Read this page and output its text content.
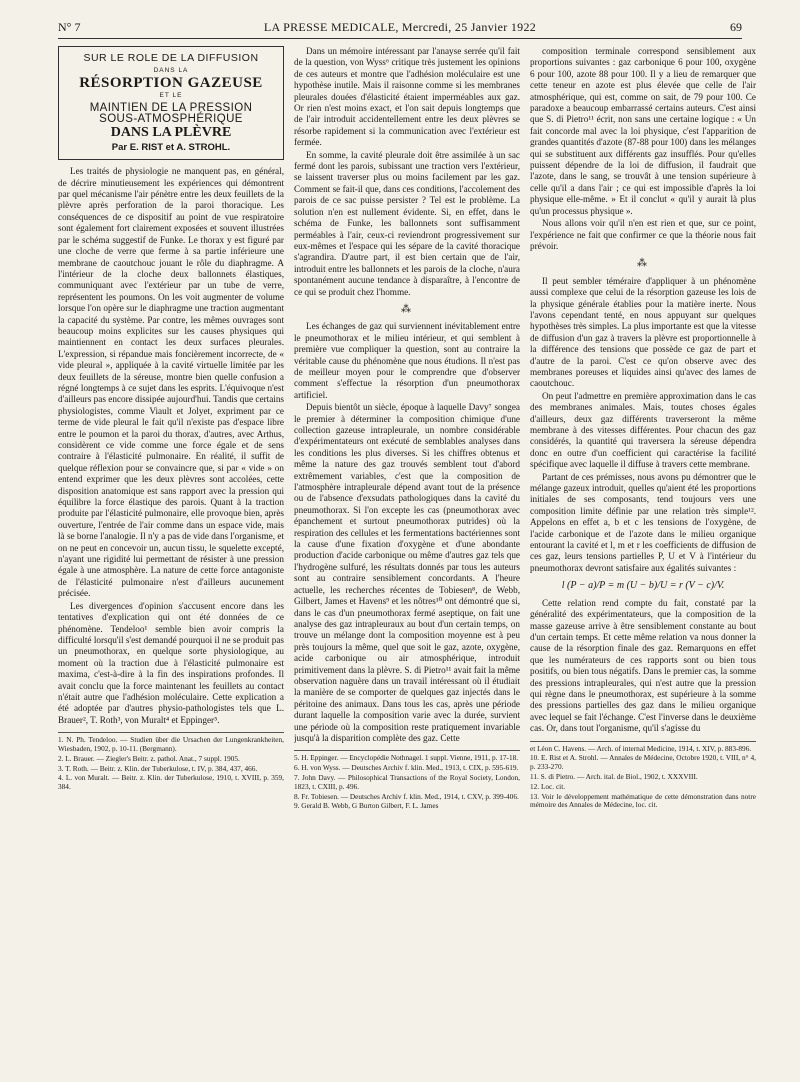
N° 7	LA PRESSE MEDICALE, Mercredi, 25 Janvier 1922	69
SUR LE ROLE DE LA DIFFUSION
DANS LA
RÉSORPTION GAZEUSE
ET LE
MAINTIEN DE LA PRESSION
SOUS-ATMOSPHÉRIQUE
DANS LA PLÈVRE
Par E. RIST et A. STROHL.

Les traités de physiologie ne manquent pas, en général, de décrire minutieusement les expériences qui démontrent par quel mécanisme l'air pénètre entre les deux feuillets de la plèvre après perforation de la paroi thoracique. Les conséquences de ce dispositif au point de vue respiratoire sont également fort clairement exposées et souvent illustrées par le schéma suggestif de Funke. Le thorax y est figuré par une cloche de verre que ferme à sa partie inférieure une membrane de caoutchouc jouant le rôle du diaphragme. A l'intérieur de la cloche deux ballonnets élastiques, communiquant avec l'extérieur par un tube de verre, représentent les poumons. On les voit augmenter de volume lorsque l'on opère sur le diaphragme une traction augmentant la capacité du système. Par contre, les mêmes ouvrages sont beaucoup moins explicites sur les causes physiques qui maintiennent en contact les deux surfaces pleurales. L'expression, si répandue mais foncièrement incorrecte, de « vide pleural », appliquée à la cavité virtuelle limitée par les deux feuillets de la séreuse, montre bien quelle confusion a régné longtemps à ce sujet dans les esprits. L'équivoque n'est d'ailleurs pas encore dissipée aujourd'hui. Tandis que certains physiologistes, comme Viault et Jolyet, expriment par ce terme de vide pleural le fait qu'il n'existe pas d'espace libre entre le poumon et la paroi du thorax, d'autres, avec Arthus, considèrent ce vide comme une force égale et de sens contraire à l'élasticité pulmonaire. En réalité, il suffit de quelque réflexion pour se convaincre que, si par « vide » on entend exprimer que les deux plèvres sont accolées, cette disposition anatomique est sans rapport avec la pression qui équilibre la force élastique des parois. Quant à la traction produite par l'élasticité pulmonaire, elle provoque bien, après ouverture, l'entrée de l'air comme dans un espace vide, mais là se borne l'analogie. Il n'y a pas de vide dans l'organisme, et on ne peut en concevoir un, aucun tissu, le squelette excepté, n'ayant une rigidité lui permettant de résister à une pression égale à une atmosphère. La nature de cette force antagoniste de l'élasticité pulmonaire n'est d'ailleurs aucunement précisée.

Les divergences d'opinion s'accusent encore dans les tentatives d'explication qui ont été données de ce phénomène. Tendeloo¹ semble bien avoir compris la difficulté lorsqu'il s'est demandé pourquoi il ne se produit pas un pneumothorax, en quelque sorte physiologique, au moment où la traction due à l'élasticité pulmonaire est maxima, c'est-à-dire à la fin des inspirations profondes. Il avait conclu que la force maintenant les feuillets au contact n'était autre que l'adhésion moléculaire. Cette explication a été adoptée par d'autres physio-pathologistes tels que L. Brauer², T. Roth³, von Muralt⁴ et Eppinger⁵.

1. N. Ph. Tendeloo. — Studien über die Ursachen der Lungenkrankheiten, Wiesbaden, 1902, p. 10-11. (Bergmann).
2. L. Brauer. — Ziegler's Beitr. z. pathol. Anat., 7 suppl. 1905.
3. T. Roth. — Beitr. z. Klin. der Tuberkulose, t. IV, p. 384, 437, 466.
4. L. von Muralt. — Beitr. z. Klin. der Tuberkulose, 1910, t. XVIII, p. 359, 384.

Dans un mémoire intéressant par l'anayse serrée qu'il fait de la question, von Wyss⁶ critique très justement les opinions de ces auteurs et montre que l'adhésion moléculaire est une hypothèse inutile. Mais il raisonne comme si les membranes pleurales douées d'élasticité étaient imperméables aux gaz. Or rien n'est moins exact, et l'on sait depuis longtemps que de l'air introduit accidentellement entre les deux plèvres se résorbe rapidement si la communication avec l'extérieur est fermée.

En somme, la cavité pleurale doit être assimilée à un sac fermé dont les parois, subissant une traction vers l'extérieur, se laissent traverser plus ou moins facilement par les gaz. Comment se fait-il que, dans ces conditions, l'accolement des parois de ce sac puisse persister ? Tel est le problème. La solution n'en est nullement évidente. Si, en effet, dans le schéma de Funke, les ballonnets sont suffisamment perméables à l'air, ceux-ci reviendront progressivement sur eux-mêmes et l'espace qui les sépare de la cavité thoracique s'agrandira. D'autre part, il est bien certain que de l'air, introduit entre les ballonnets et les parois de la cloche, n'aura spontanément aucune tendance à disparaître, à l'encontre de ce qui se produit chez l'homme.

⁂

Les échanges de gaz qui surviennent inévitablement entre le pneumothorax et le milieu intérieur, et qui semblent à première vue compliquer la question, sont au contraire la véritable cause du phénomène que nous étudions. Il n'est pas de meilleur moyen pour le comprendre que d'observer comment s'effectue la résorption d'un pneumothorax artificiel.

Depuis bientôt un siècle, époque à laquelle Davy⁷ songea le premier à déterminer la composition chimique d'une collection gazeuse intrapleurale, un nombre considérable d'expérimentateurs ont exécuté de semblables analyses dans les conditions les plus diverses. Si les chiffres obtenus et même la nature des gaz trouvés semblent tout d'abord extrêmement variables, c'est que la composition de l'atmosphère intrapleurale dépend avant tout de la présence ou de l'absence d'exsudats pathologiques dans la cavité du pneumothorax. Si l'on excepte les cas (pneumothorax avec épanchement et surtout pneumothorax putrides) où la respiration des cellules et les fermentations bactériennes sont la cause d'une fixation d'oxygène et d'une abondante production d'acide carbonique ou même d'autres gaz tels que l'hydrogène sulfuré, les résultats donnés par tous les auteurs sont au contraire sensiblement concordants. A l'heure actuelle, les recherches récentes de Tobiesen⁸, de Webb, Gilbert, James et Havens⁹ et les nôtres¹⁰ ont démontré que si, dans le cas d'un pneumothorax fermé aseptique, on fait une analyse des gaz intrapleuraux au bout d'un certain temps, on trouve un mélange dont la composition moyenne est à peu près toujours la même, quel que soit le gaz, azote, oxygène, acide carbonique ou air atmosphérique, introduit primitivement dans la plèvre. S. di Pietro¹¹ avait fait la même observation naguère dans un travail intéressant où il étudiait la manière de se comporter de quelques gaz injectés dans le péritoine des animaux. Dans tous les cas, après une période durant laquelle la composition varie avec la durée, survient une période où la composition reste pratiquement invariable jusqu'à la disparition complète des gaz. Cette

5. H. Eppinger. — Encyclopédie Nothnagel. 1 suppl. Vienne, 1911, p. 17-18.
6. H. von Wyss. — Deutsches Archiv f. klin. Med., 1913, t. CIX, p. 595-619.
7. John Davy. — Philosophical Transactions of the Royal Society, London, 1823, t. CXIII, p. 496.
8. Fr. Tobiesen. — Deutsches Archiv f. klin. Med., 1914, t. CXV, p. 399-406.
9. Gerald B. Webb, G Burton Gilbert, F. L. James

composition terminale correspond sensiblement aux proportions suivantes : gaz carbonique 6 pour 100, oxygène 6 pour 100, azote 88 pour 100. Il y a lieu de remarquer que cette teneur en azote est plus élevée que celle de l'air atmosphérique, qui est, comme on sait, de 79 pour 100. Ce paradoxe a beaucoup embarrassé certains auteurs. C'est ainsi que S. di Pietro¹¹ écrit, non sans une certaine logique : « Un fait concorde mal avec la loi physique, c'est l'apparition de grandes quantités d'azote (87-88 pour 100) dans les mélanges qui se substituent aux différents gaz insufflés. Pour qu'elles puissent dépendre de la loi de diffusion, il faudrait que l'azote, dans le sang, se trouvât à une tension supérieure à celle qu'il a dans l'air ; ce qui est impossible d'après la loi physique elle-même. » Et il conclut « qu'il y aurait là plus qu'un processus physique ».

Nous allons voir qu'il n'en est rien et que, sur ce point, l'expérience ne fait que confirmer ce que la théorie nous fait prévoir.

⁂

Il peut sembler téméraire d'appliquer à un phénomène aussi complexe que celui de la résorption gazeuse les lois de la physique générale établies pour la matière inerte. Nous l'avons cependant tenté, en nous appuyant sur quelques hypothèses très simples. La plus importante est que la vitesse de diffusion d'un gaz à travers la plèvre est proportionnelle à la différence des tensions que possède ce gaz de part et d'autre de la paroi. C'est ce qu'on observe avec des membranes poreuses et liquides ainsi qu'avec des lames de caoutchouc.

On peut l'admettre en première approximation dans le cas des membranes animales. Mais, toutes choses égales d'ailleurs, deux gaz différents traverseront la même membrane à des vitesses différentes. Pour chacun des gaz considérés, la quantité qui traversera la séreuse dépendra donc en outre d'un coefficient qui caractérise la facilité spécifique avec laquelle il diffuse à travers cette membrane.

Partant de ces prémisses, nous avons pu démontrer que le mélange gazeux introduit, quelles qu'aient été les proportions initiales de ses composants, tend toujours vers une composition limite définie par une relation très simple¹². Appelons en effet a, b et c les tensions de l'oxygène, de l'acide carbonique et de l'azote dans le milieu organique entourant la cavité et l, m et r les coefficients de diffusion de ces gaz, leurs tensions partielles P, U et V à l'intérieur du pneumothorax devront satisfaire aux égalités suivantes :

l (P − a)/P = m (U − b)/U = r (V − c)/V.

Cette relation rend compte du fait, constaté par la généralité des expérimentateurs, que la composition de la masse gazeuse arrive à être sensiblement constante au bout d'un certain temps. Et cette même relation va nous donner la cause de la résorption finale des gaz. Remarquons en effet que les numérateurs de ces rapports sont ou bien tous positifs, ou bien tous négatifs. Dans le premier cas, la somme des pressions intrapleurales, qui n'est autre que la pression qui règne dans le pneumothorax, est supérieure à la somme des pressions partielles des gaz dans le milieu organique avec lequel se fait l'échange. C'est l'inverse dans le deuxième cas. Or, dans tout l'organisme, qu'il s'agisse du

et Léon C. Havens. — Arch. of internal Medicine, 1914, t. XIV, p. 883-896.
10. E. Rist et A. Strohl. — Annales de Médecine, Octobre 1920, t. VIII, n° 4, p. 233-270.
11. S. di Pietro. — Arch. ital. de Biol., 1902, t. XXXVIII.
12. Loc. cit.
13. Voir le développement mathématique de cette démonstration dans notre mémoire des Annales de Médecine, loc. cit.
